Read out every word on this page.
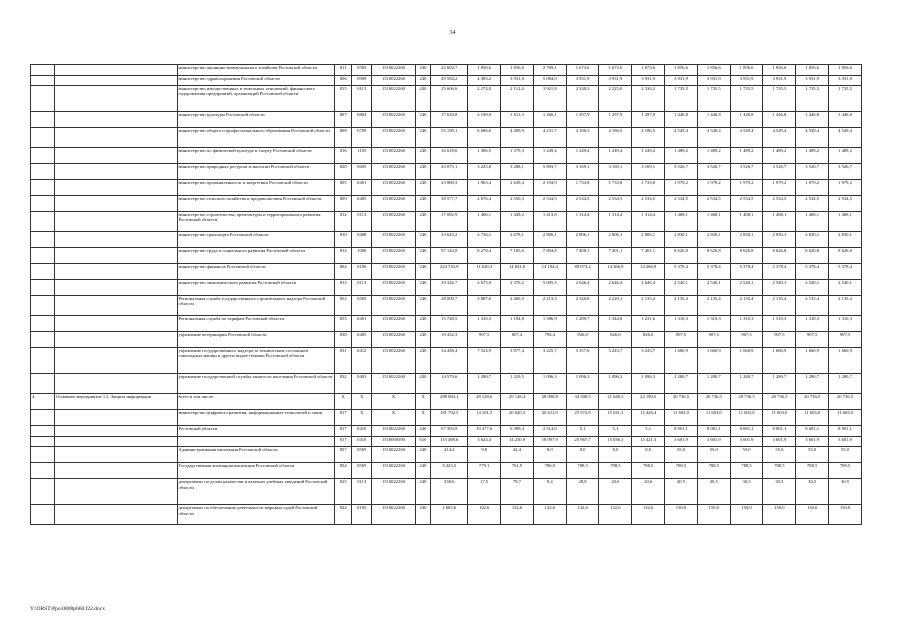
14
		министерство жилищно-коммунального хозяйства Ростовской области	811	0505	1510022260	240	22 602,7	1 856,6	1 856,6	2 769,1	1 673,6	1 673,6	1 673,6	1 856,6	1 856,6	1 856,6	1 856,6	1 856,6	1 856,6
		министерство здравоохранения Ростовской области	806	0909	1510022260	240	49 584,2	4 383,2	3 931,9	5 084,0	3 931,9	3 931,9	3 931,9	3 931,9	3 931,9	3 931,9	3 931,9	3 931,9	3 931,9
		министерство имущественных и земельных отношений, финансового оздоровления предприятий, организаций Ростовской области	815	0113	1510022260	240	25 606,6	2 274,0	2 112,4	3 921,8	2 330,2	2 225,0	2 330,2	1 735,5	1 735,5	1 735,5	1 735,5	1 735,5	1 735,5
		министерство культуры Ростовской области	807	0804	1510022260	240	17 620,8	2 198,9	1 611,3	1 266,1	1 297,9	1 297,9	1 297,9	1 446,8	1 446,8	1 446,8	1 446,8	1 446,8	1 446,8
		министерство общего и профессионального образования Ростовской области	808	0709	1510022260	240	55 190,1	6 686,6	4 409,9	4 231,7	4 186,5	4 186,5	4 186,5	4 549,4	4 549,4	4 549,4	4 549,4	4 549,4	4 549,4
		министерство по физической культуре и спорту Ростовской области	816	1105	1510022260	240	16 618,6	1 306,5	1 379,3	1 249,4	1 249,4	1 249,4	1 249,4	1 489,2	1 489,2	1 489,2	1 489,2	1 489,2	1 489,2
		министерство природных ресурсов и экологии Ростовской области	820	0605	1510022260	240	43 075,1	3 225,8	3 288,1	5 893,7	3 169,1	3 169,1	3 169,1	3 526,7	3 526,7	3 526,7	3 526,7	3 526,7	3 526,7
		министерство промышленности и энергетики Ростовской области	805	0401	1510022260	240	23 880,3	1 963,4	2 639,4	2 194,9	1 733,8	1 733,8	1 733,8	1 979,2	1 979,2	1 979,2	1 979,2	1 979,2	1 979,2
		министерство сельского хозяйства и продовольствия Ростовской области	809	0405	1510022260	240	30 577,7	2 676,4	2 550,3	2 534,5	2 534,5	2 534,5	2 534,5	2 534,5	2 534,5	2 534,5	2 534,5	2 534,5	2 534,5
		министерство строительства, архитектуры и территориального развития Ростовской области	812	0113	1510022260	240	17 082,9	1 466,1	1 449,2	1 413,8	1 314,4	1 314,4	1 314,4	1 468,1	1 468,1	1 468,1	1 468,1	1 468,1	1 468,1
		министерство транспорта Ростовской области	810	0408	1510022260	240	33 643,2	2 736,1	2 678,1	2 806,1	2 806,1	2 806,1	2 806,1	2 830,1	2 830,1	2 830,1	2 830,1	2 830,1	2 830,1
		министерство труда и социального развития Ростовской области	814	1006	1510022260	240	97 144,9	8 270,4	7 185,6	7 804,8	7 408,1	7 401,1	7 401,1	8 626,8	8 626,8	8 626,8	8 626,8	8 626,8	8 626,8
		министерство финансов Ростовской области	804	0106	1510022260	240	224 743,9	11 626,3	14 841,8	14 194,4	89 073,2	14 366,9	14 366,9	5 378,4	5 378,4	5 378,4	5 378,4	5 378,4	5 378,4
		министерство экономического развития Ростовской области	813	0113	1510022260	240	33 326,7	2 675,9	2 376,2	5 005,3	2 646,4	2 646,4	2 646,4	2 540,1	2 540,1	2 540,1	2 540,1	2 540,1	2 540,1
		Региональная служба государственного строительного надзора Ростовской области	852	0505	1510022260	240	28 009,7	3 887,6	2 460,3	2 213,3	2 320,8	2 220,1	2 135,4	2 135,4	2 135,4	2 135,4	2 135,4	2 135,4	2 135,4
		Региональная служба по тарифам Ростовской области	853	0401	1510022260	240	15 748,5	1 310,3	1 194,8	1 586,9	1 289,7	1 344,8	1 231,6	1 310,3	1 310,3	1 310,3	1 310,3	1 310,3	1 310,3
		управление ветеринарии Ростовской области	830	0405	1510022260	240	10 432,3	907,5	807,4	794,4	826,0	826,0	826,0	907,5	907,5	907,5	907,5	907,5	907,5
		управление государственного надзора за техническим состоянием самоходных машин и других видов техники Ростовской области	831	0412	1510022260	240	34 438,4	7 524,9	3 877,4	3 225,7	3 357,6	3 243,7	3 243,7	1 660,9	1 660,9	1 660,9	1 660,9	1 660,9	1 660,9
		управление государственной службы занятости населения Ростовской области	832	0401	1510022260	240	14 579,6	1 280,7	1 229,5	1 096,3	1 096,3	1 096,3	1 096,3	1 280,7	1 280,7	1 280,7	1 280,7	1 280,7	1 280,7
4.	Основное мероприятие 1.2. Защита информации	всего в том числе:	X	X	X	X	288 084,1	28 128,6	29 128,4	28 090,8	34 508,5	21 648,3	22 190,5	20 736,5	20 736,5	20 736,5	20 736,5	20 736,5	20 736,5
		министерство цифрового развития, информационных технологий и связи	817	X	X	X	181 792,5	14 101,5	20 620,3	20 611,9	25 972,8	15 041,2	15 426,4	11 603,0	11 603,0	11 603,0	11 603,0	11 603,0	11 603,0
		Ростовской области	817	0410	1510022260	240	67 393,9	10 477,6	6 389,4	2 514,0	5,1	5,1	5,1	8 001,1	8 001,1	8 001,1	8 001,1	8 001,1	8 001,1
			817	0410	1510000590	610	113 498,6	3 624,3	14 230,9	18 097,9	25 967,7	15 036,1	15 421,3	3 601,9	3 601,9	3 601,9	3 601,9	3 601,9	3 601,9
		Административная инспекция Ростовской области	857	0505	1510022260	240	414,2	9,8	42,4	8,0	8,0	8,0	8,0	55,0	55,0	55,0	55,0	55,0	55,0
		Государственная жилищная инспекция Ростовской области	854	0505	1510022260	240	9 423,5	779,1	761,9	786,0	788,5	788,5	788,5	788,5	788,5	788,5	788,5	788,5	788,5
		департамент по делам казачества и казачьих учебных заведений Ростовской области	825	0113	1510022260	240	358,6	17,5	78,7	9,4	28,8	20,6	20,6	30,5	30,5	30,5	30,5	30,5	30,5
		департамент по обеспечению деятельности мировых судей Ростовской области	824	0105	1510022260	240	1 665,6	102,6	132,6	132,6	132,6	132,6	132,6	150,0	150,0	150,0	150,0	150,0	150,0
Y:\ORST\Ppo\0808p660.f22.docx
